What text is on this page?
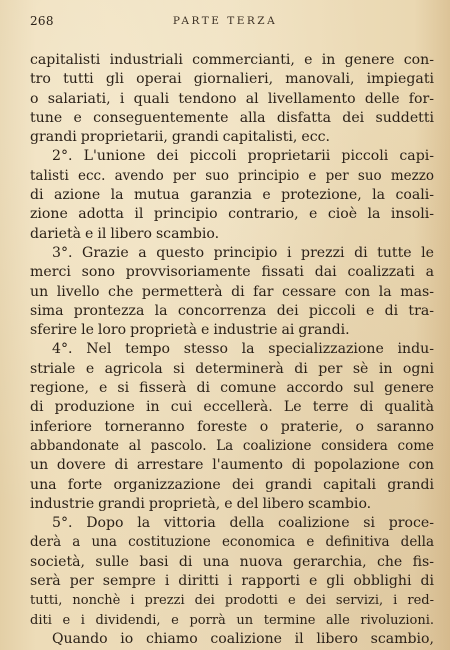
268	PARTE TERZA
capitalisti industriali commercianti, e in genere con-
tro tutti gli operai giornalieri, manovali, impiegati
o salariati, i quali tendono al livellamento delle for-
tune e conseguentemente alla disfatta dei suddetti
grandi proprietarii, grandi capitalisti, ecc.
2°. L'unione dei piccoli proprietarii piccoli capi-
talisti ecc. avendo per suo principio e per suo mezzo
di azione la mutua garanzia e protezione, la coali-
zione adotta il principio contrario, e cioè la insoli-
darietà e il libero scambio.
3°. Grazie a questo principio i prezzi di tutte le
merci sono provvisoriamente fissati dai coalizzati a
un livello che permetterà di far cessare con la mas-
sima prontezza la concorrenza dei piccoli e di tra-
sferire le loro proprietà e industrie ai grandi.
4°. Nel tempo stesso la specializzazione indu-
striale e agricola si determinerà di per sè in ogni
regione, e si fisserà di comune accordo sul genere
di produzione in cui eccellerà. Le terre di qualità
inferiore torneranno foreste o praterie, o saranno
abbandonate al pascolo. La coalizione considera come
un dovere di arrestare l'aumento di popolazione con
una forte organizzazione dei grandi capitali grandi
industrie grandi proprietà, e del libero scambio.
5°. Dopo la vittoria della coalizione si proce-
derà a una costituzione economica e definitiva della
società, sulle basi di una nuova gerarchia, che fis-
serà per sempre i diritti i rapporti e gli obblighi di
tutti, nonchè i prezzi dei prodotti e dei servizi, i red-
diti e i dividendi, e porrà un termine alle rivoluzioni.
Quando io chiamo coalizione il libero scambio,
